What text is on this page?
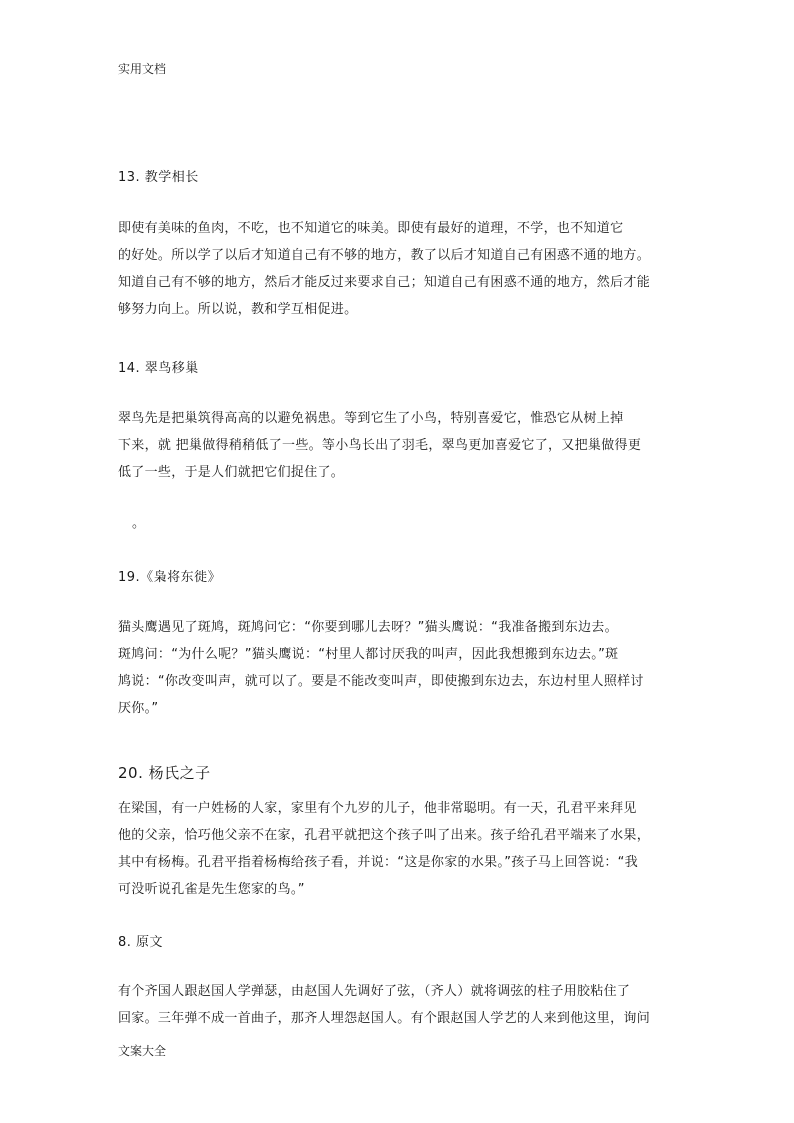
实用文档
13. 教学相长
即使有美味的鱼肉，不吃，也不知道它的味美。即使有最好的道理，不学，也不知道它
的好处。所以学了以后才知道自己有不够的地方，教了以后才知道自己有困惑不通的地方。
知道自己有不够的地方，然后才能反过来要求自己；知道自己有困惑不通的地方，然后才能
够努力向上。所以说，教和学互相促进。
14. 翠鸟移巢
翠鸟先是把巢筑得高高的以避免祸患。等到它生了小鸟，特别喜爱它，惟恐它从树上掉
下来，就 把巢做得稍稍低了一些。等小鸟长出了羽毛，翠鸟更加喜爱它了，又把巢做得更
低了一些，于是人们就把它们捉住了。
。
19.《枭将东徙》
猫头鹰遇见了斑鸠，斑鸠问它：“你要到哪儿去呀？”猫头鹰说：“我准备搬到东边去。
斑鸠问：“为什么呢？”猫头鹰说：“村里人都讨厌我的叫声，因此我想搬到东边去。”斑
鸠说：“你改变叫声，就可以了。要是不能改变叫声，即使搬到东边去，东边村里人照样讨
厌你。”
20. 杨氏之子
在梁国，有一户姓杨的人家，家里有个九岁的儿子，他非常聪明。有一天，孔君平来拜见
他的父亲，恰巧他父亲不在家，孔君平就把这个孩子叫了出来。孩子给孔君平端来了水果，
其中有杨梅。孔君平指着杨梅给孩子看，并说：“这是你家的水果。”孩子马上回答说：“我
可没听说孔雀是先生您家的鸟。”
8. 原文
有个齐国人跟赵国人学弹瑟，由赵国人先调好了弦，（齐人）就将调弦的柱子用胶粘住了
回家。三年弹不成一首曲子，那齐人埋怨赵国人。有个跟赵国人学艺的人来到他这里，询问
文案大全
